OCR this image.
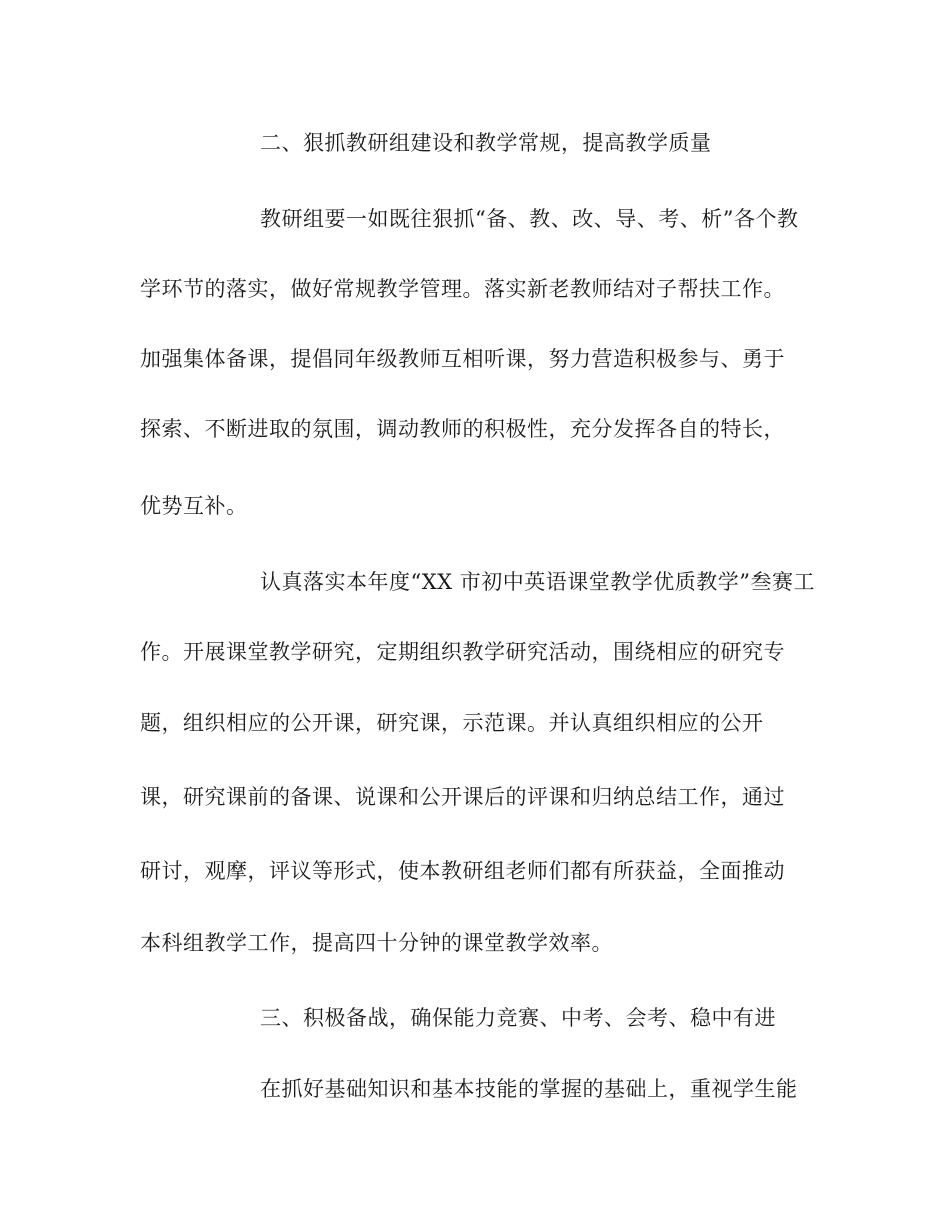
二、狠抓教研组建设和教学常规，提高教学质量
教研组要一如既往狠抓“备、教、改、导、考、析”各个教
学环节的落实，做好常规教学管理。落实新老教师结对子帮扶工作。
加强集体备课，提倡同年级教师互相听课，努力营造积极参与、勇于
探索、不断进取的氛围，调动教师的积极性，充分发挥各自的特长，
优势互补。
认真落实本年度“XX 市初中英语课堂教学优质教学”叁赛工
作。开展课堂教学研究，定期组织教学研究活动，围绕相应的研究专
题，组织相应的公开课，研究课，示范课。并认真组织相应的公开
课，研究课前的备课、说课和公开课后的评课和归纳总结工作，通过
研讨，观摩，评议等形式，使本教研组老师们都有所获益，全面推动
本科组教学工作，提高四十分钟的课堂教学效率。
三、积极备战，确保能力竞赛、中考、会考、稳中有进
在抓好基础知识和基本技能的掌握的基础上，重视学生能
